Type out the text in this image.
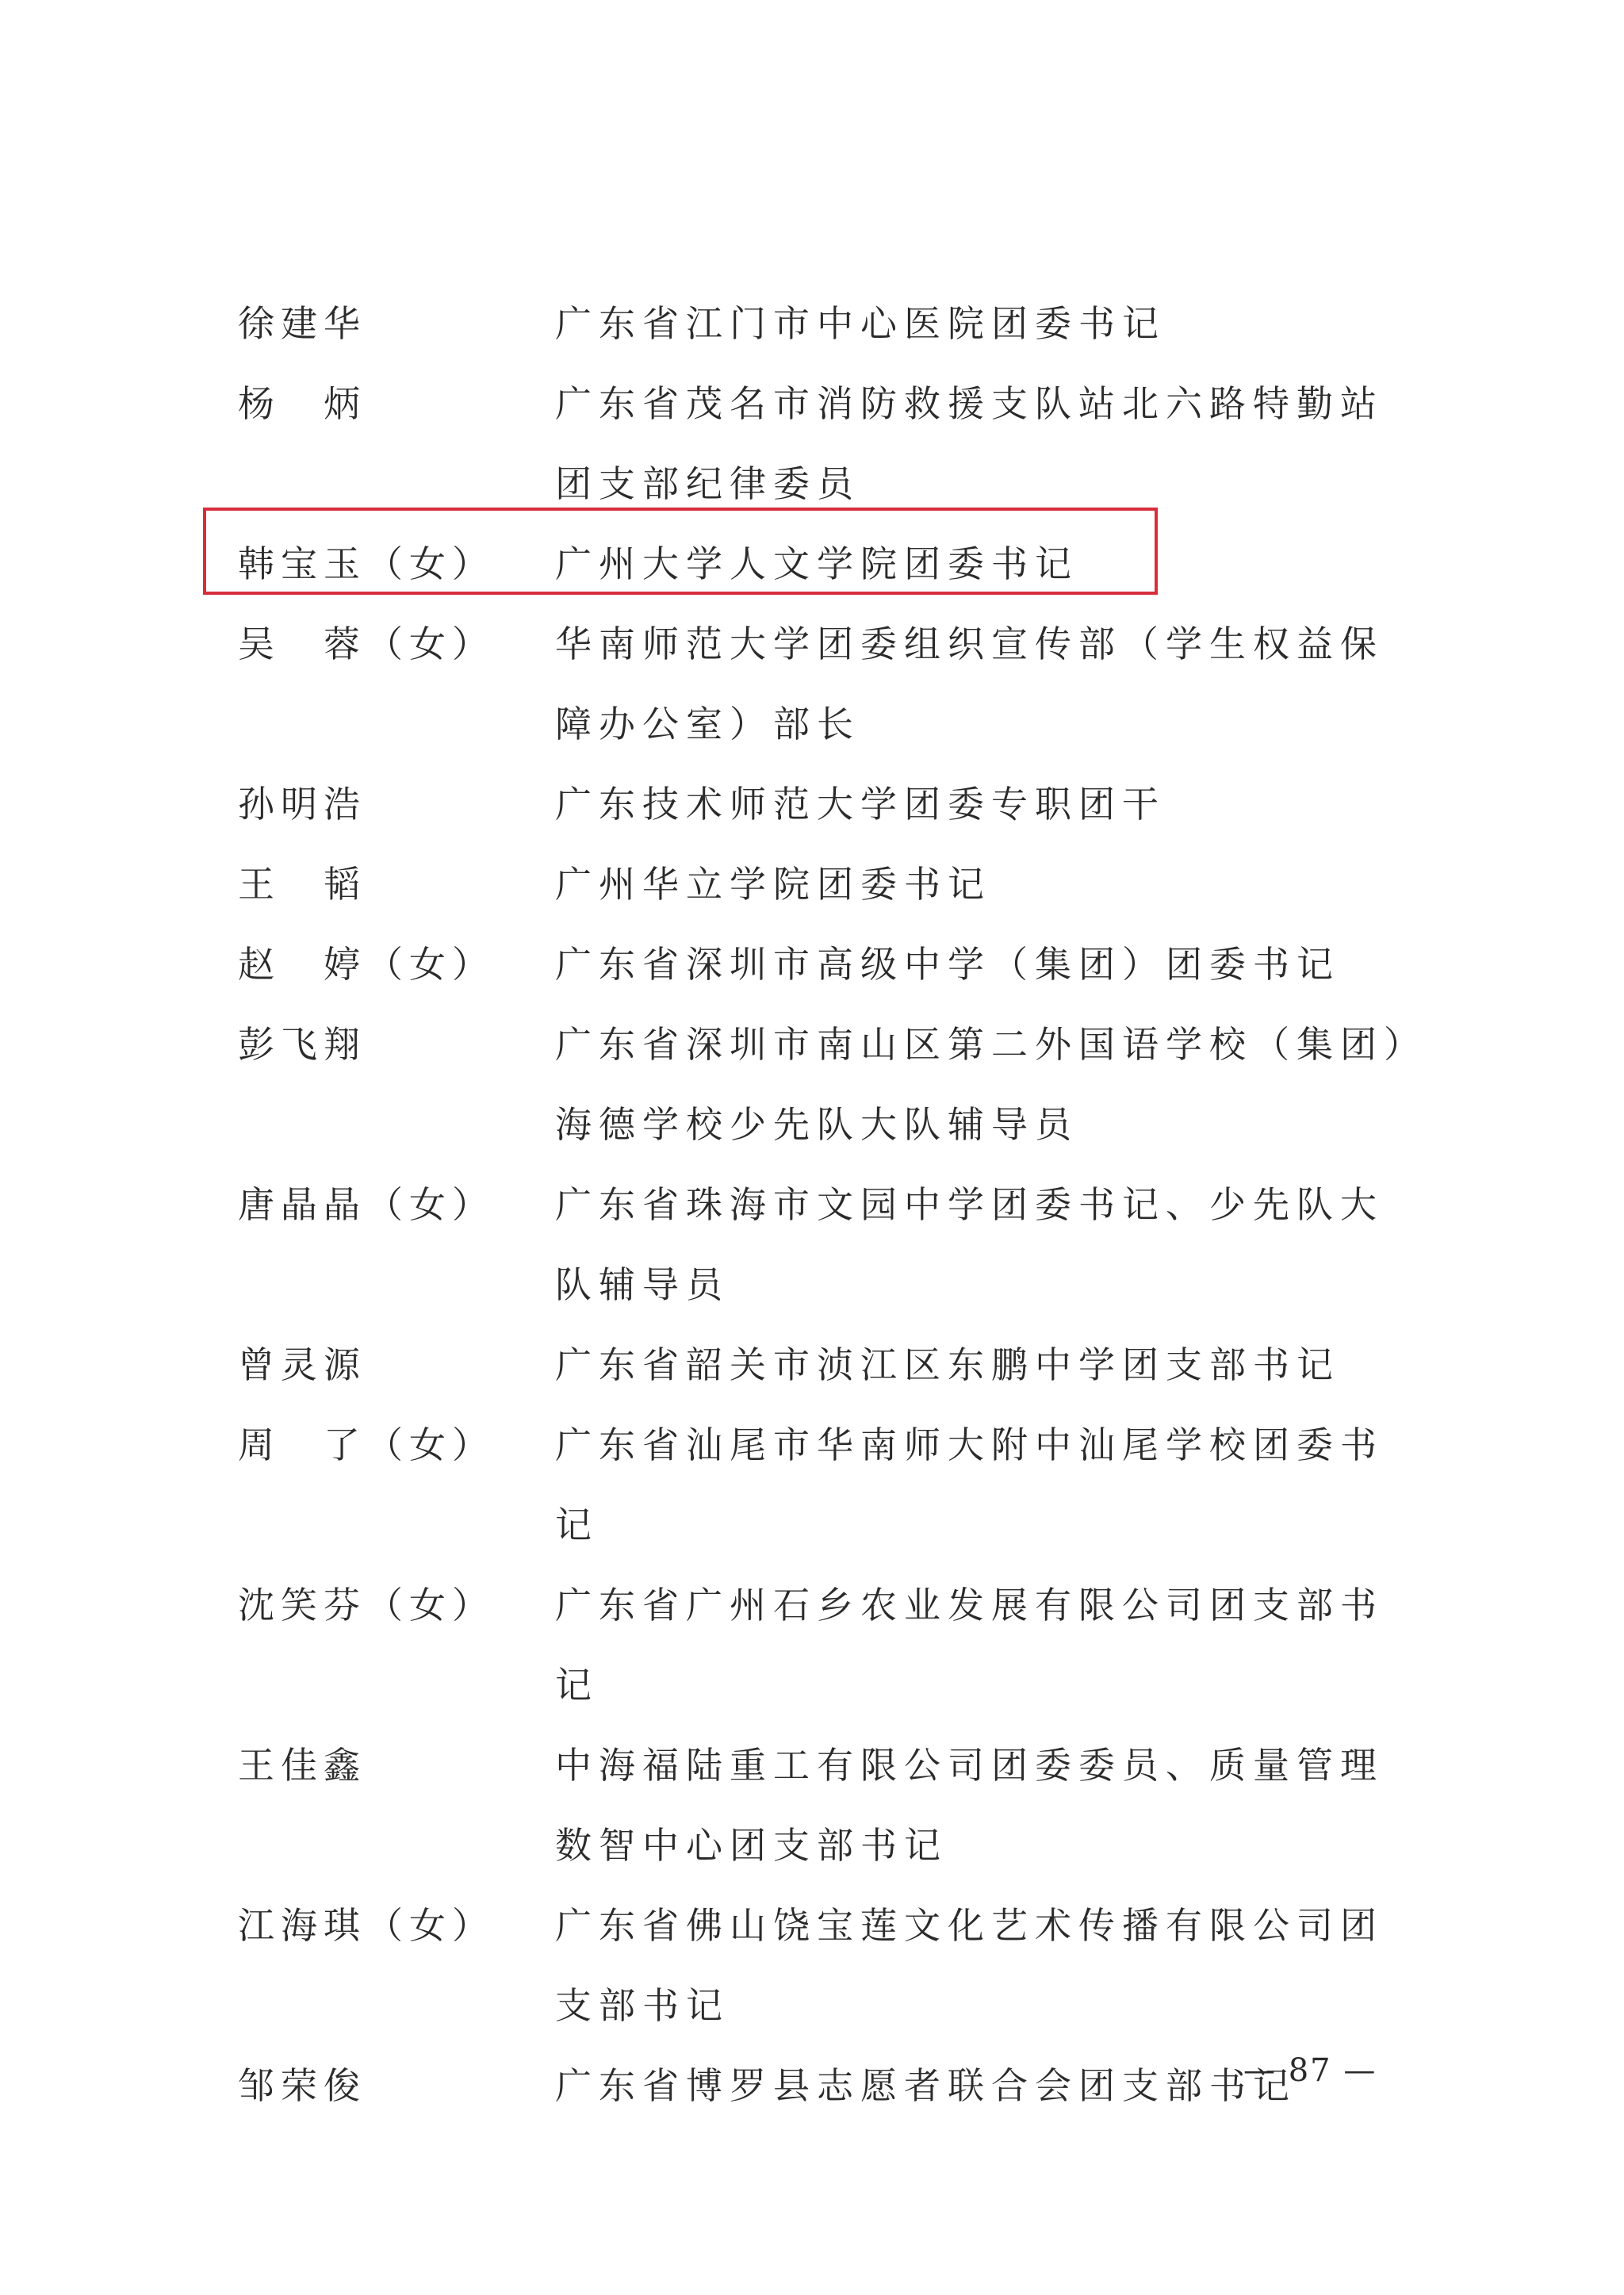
徐建华	广东省江门市中心医院团委书记
杨　炳	广东省茂名市消防救援支队站北六路特勤站团支部纪律委员
韩宝玉（女）	广州大学人文学院团委书记
吴　蓉（女）	华南师范大学团委组织宣传部（学生权益保障办公室）部长
孙明浩	广东技术师范大学团委专职团干
王　韬	广州华立学院团委书记
赵　婷（女）	广东省深圳市高级中学（集团）团委书记
彭飞翔	广东省深圳市南山区第二外国语学校（集团）海德学校少先队大队辅导员
唐晶晶（女）	广东省珠海市文园中学团委书记、少先队大队辅导员
曾灵源	广东省韶关市浈江区东鹏中学团支部书记
周　了（女）	广东省汕尾市华南师大附中汕尾学校团委书记
沈笑芬（女）	广东省广州石乡农业发展有限公司团支部书记
王佳鑫	中海福陆重工有限公司团委委员、质量管理数智中心团支部书记
江海琪（女）	广东省佛山饶宝莲文化艺术传播有限公司团支部书记
邹荣俊	广东省博罗县志愿者联合会团支部书记
— 87 —
